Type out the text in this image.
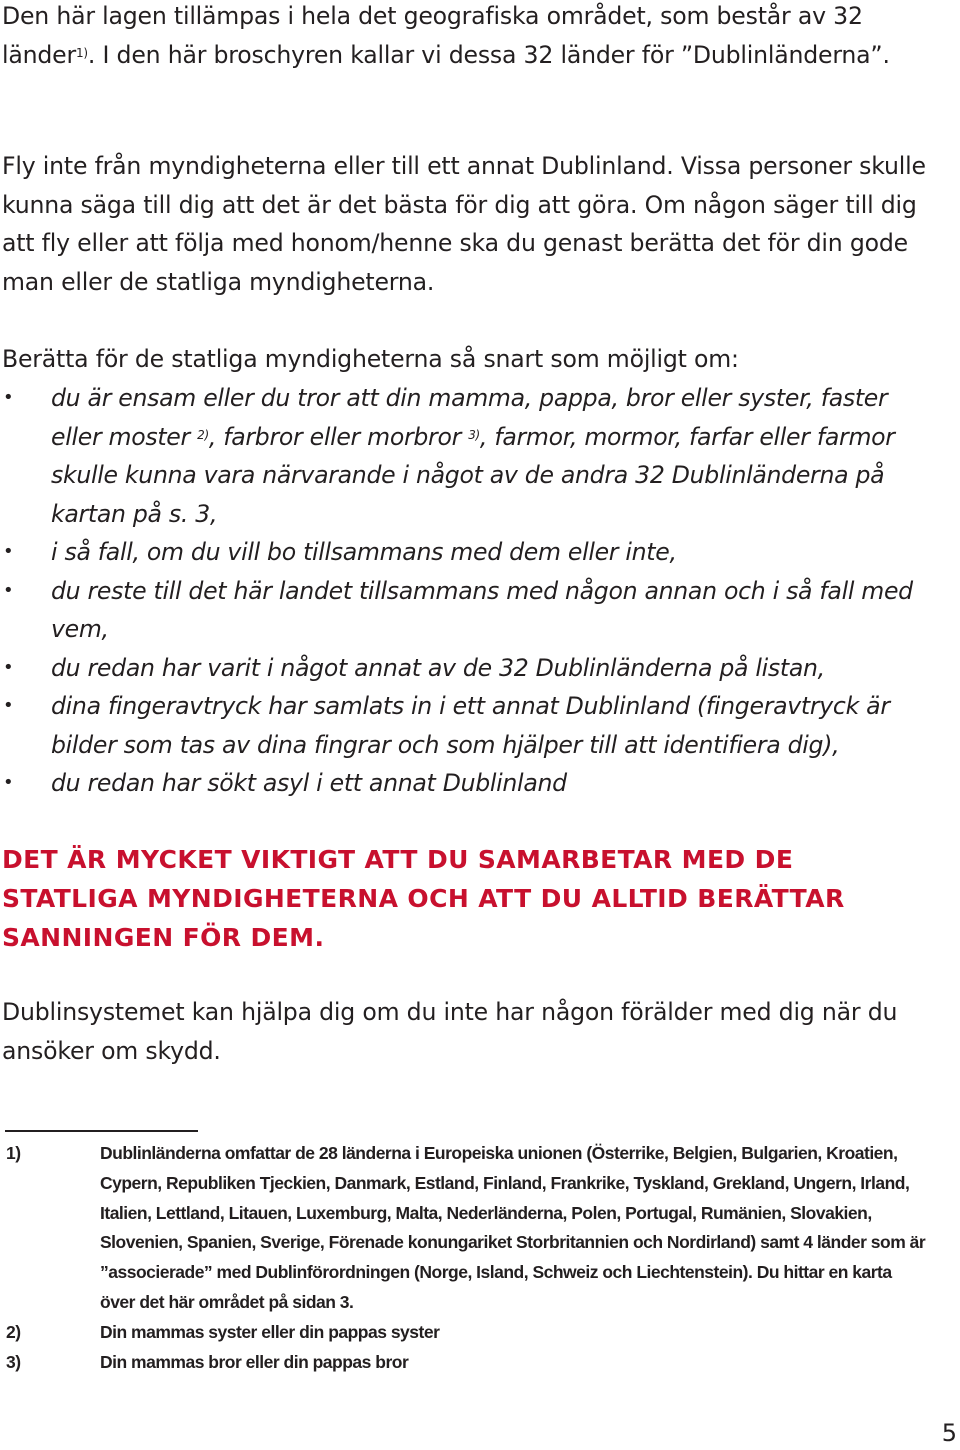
Den här lagen tillämpas i hela det geografiska området, som består av 32 länder$^{1)}$. I den här broschyren kallar vi dessa 32 länder för ”Dublinländerna”.

Fly inte från myndigheterna eller till ett annat Dublinland. Vissa personer skulle kunna säga till dig att det är det bästa för dig att göra. Om någon säger till dig att fly eller att följa med honom/henne ska du genast berätta det för din gode man eller de statliga myndigheterna.

Berätta för de statliga myndigheterna så snart som möjligt om:

• du är ensam eller du tror att din mamma, pappa, bror eller syster, faster eller moster $^{2)}$, farbror eller morbror $^{3)}$, farmor, mormor, farfar eller farmor skulle kunna vara närvarande i något av de andra 32 Dublinländerna på kartan på s. 3,
• i så fall, om du vill bo tillsammans med dem eller inte,
• du reste till det här landet tillsammans med någon annan och i så fall med vem,
• du redan har varit i något annat av de 32 Dublinländerna på listan,
• dina fingeravtryck har samlats in i ett annat Dublinland (fingeravtryck är bilder som tas av dina fingrar och som hjälper till att identifiera dig),
• du redan har sökt asyl i ett annat Dublinland

DET ÄR MYCKET VIKTIGT ATT DU SAMARBETAR MED DE STATLIGA MYNDIGHETERNA OCH ATT DU ALLTID BERÄTTAR SANNINGEN FÖR DEM.

Dublinsystemet kan hjälpa dig om du inte har någon förälder med dig när du ansöker om skydd.

1)	Dublinländerna omfattar de 28 länderna i Europeiska unionen (Österrike, Belgien, Bulgarien, Kroatien, Cypern, Republiken Tjeckien, Danmark, Estland, Finland, Frankrike, Tyskland, Grekland, Ungern, Irland, Italien, Lettland, Litauen, Luxemburg, Malta, Nederländerna, Polen, Portugal, Rumänien, Slovakien, Slovenien, Spanien, Sverige, Förenade konungariket Storbritannien och Nordirland) samt 4 länder som är ”associerade” med Dublinförordningen (Norge, Island, Schweiz och Liechtenstein). Du hittar en karta över det här området på sidan 3.
2)	Din mammas syster eller din pappas syster
3)	Din mammas bror eller din pappas bror
5
